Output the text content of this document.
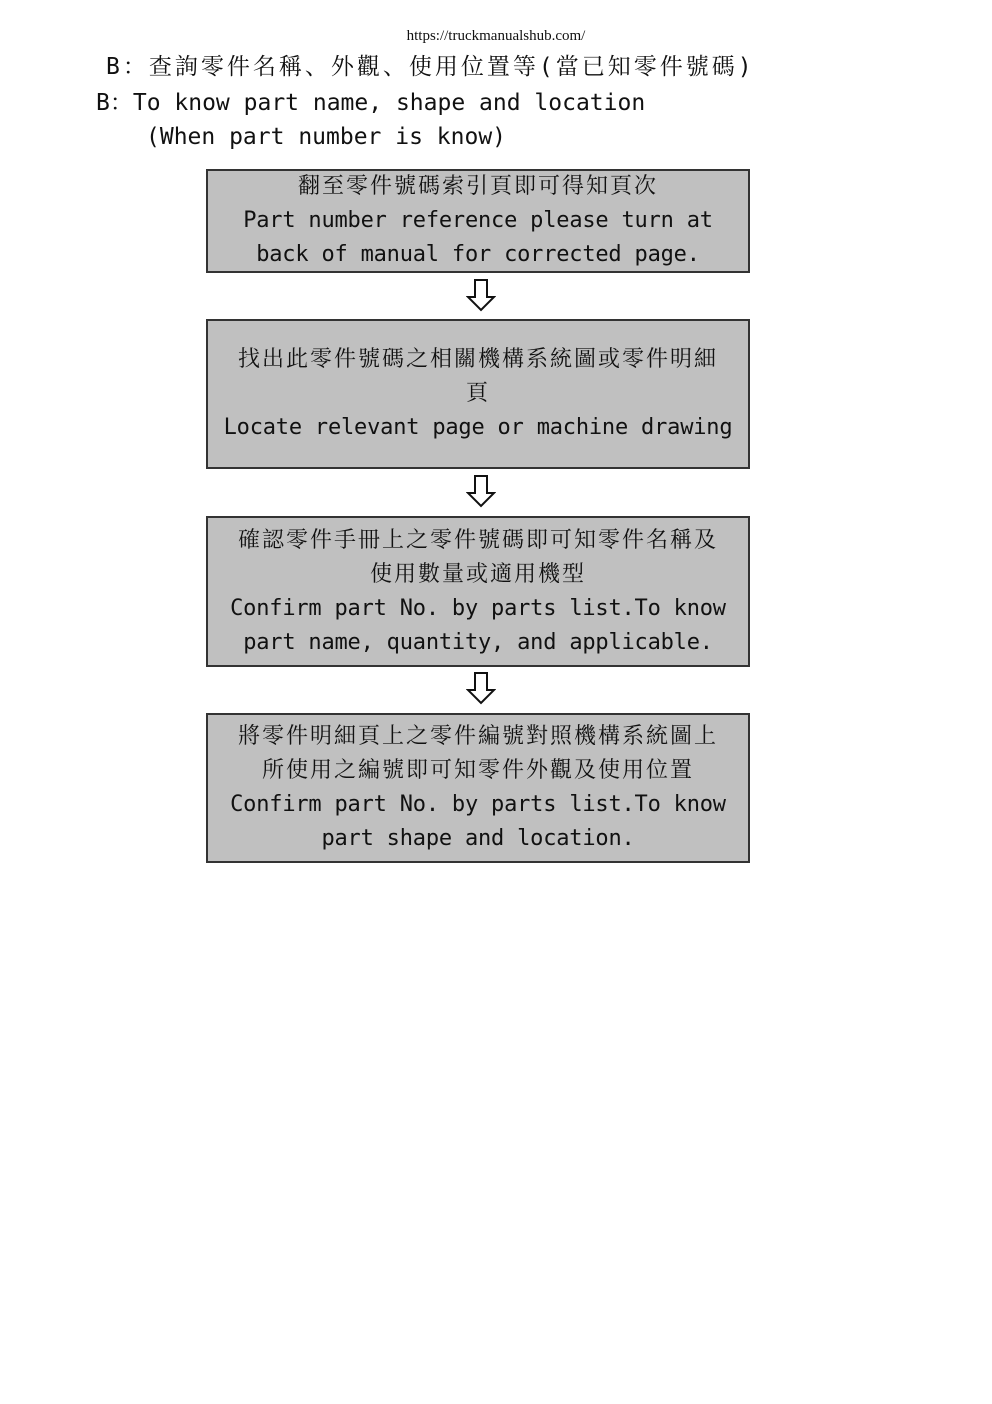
https://truckmanualshub.com/
B：查詢零件名稱、外觀、使用位置等(當已知零件號碼)
B：To know part name, shape and location
(When part number is know)
翻至零件號碼索引頁即可得知頁次
Part number reference please turn at
back of manual for corrected page.
找出此零件號碼之相關機構系統圖或零件明細
頁
Locate relevant page or machine drawing
確認零件手冊上之零件號碼即可知零件名稱及
使用數量或適用機型
Confirm part No. by parts list.To know
part name, quantity, and applicable.
將零件明細頁上之零件編號對照機構系統圖上
所使用之編號即可知零件外觀及使用位置
Confirm part No. by parts list.To know
part shape and location.
